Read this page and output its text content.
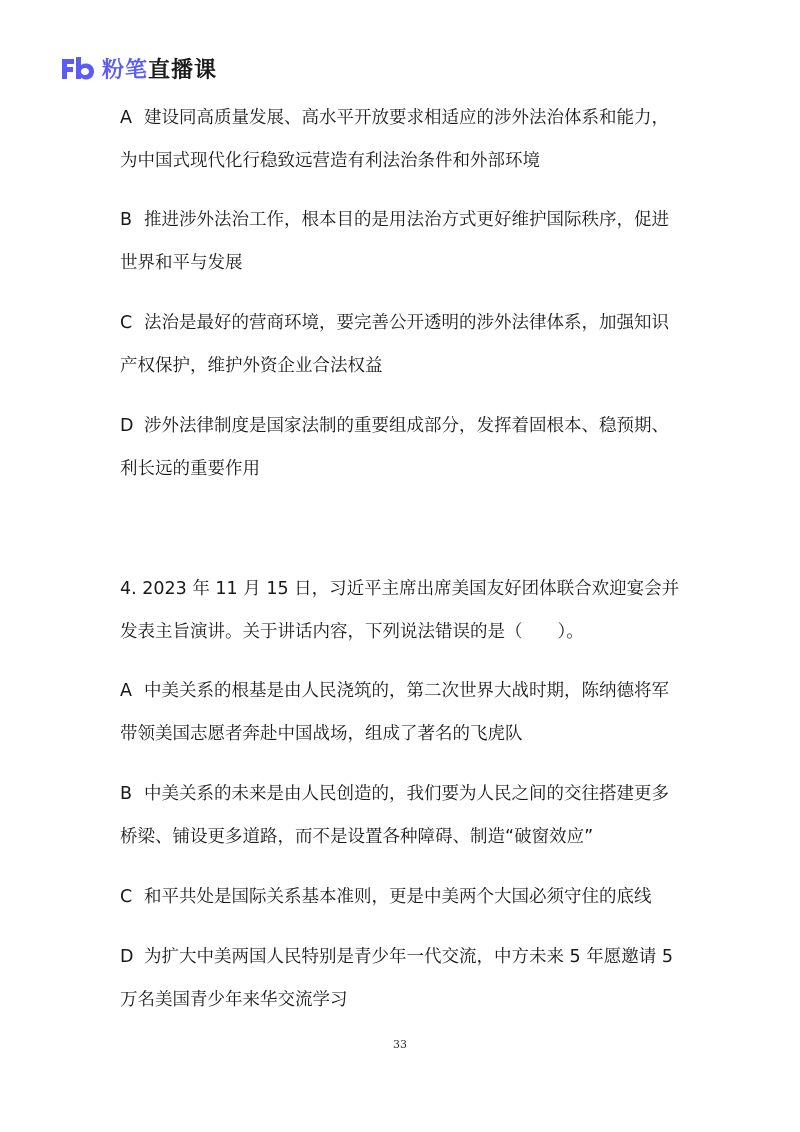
粉笔直播课

A 建设同高质量发展、高水平开放要求相适应的涉外法治体系和能力，为中国式现代化行稳致远营造有利法治条件和外部环境

B 推进涉外法治工作，根本目的是用法治方式更好维护国际秩序，促进世界和平与发展

C 法治是最好的营商环境，要完善公开透明的涉外法律体系，加强知识产权保护，维护外资企业合法权益

D 涉外法律制度是国家法制的重要组成部分，发挥着固根本、稳预期、利长远的重要作用

4. 2023 年 11 月 15 日，习近平主席出席美国友好团体联合欢迎宴会并发表主旨演讲。关于讲话内容，下列说法错误的是（　　）。

A 中美关系的根基是由人民浇筑的，第二次世界大战时期，陈纳德将军带领美国志愿者奔赴中国战场，组成了著名的飞虎队

B 中美关系的未来是由人民创造的，我们要为人民之间的交往搭建更多桥梁、铺设更多道路，而不是设置各种障碍、制造“破窗效应”

C 和平共处是国际关系基本准则，更是中美两个大国必须守住的底线

D 为扩大中美两国人民特别是青少年一代交流，中方未来 5 年愿邀请 5 万名美国青少年来华交流学习

33
